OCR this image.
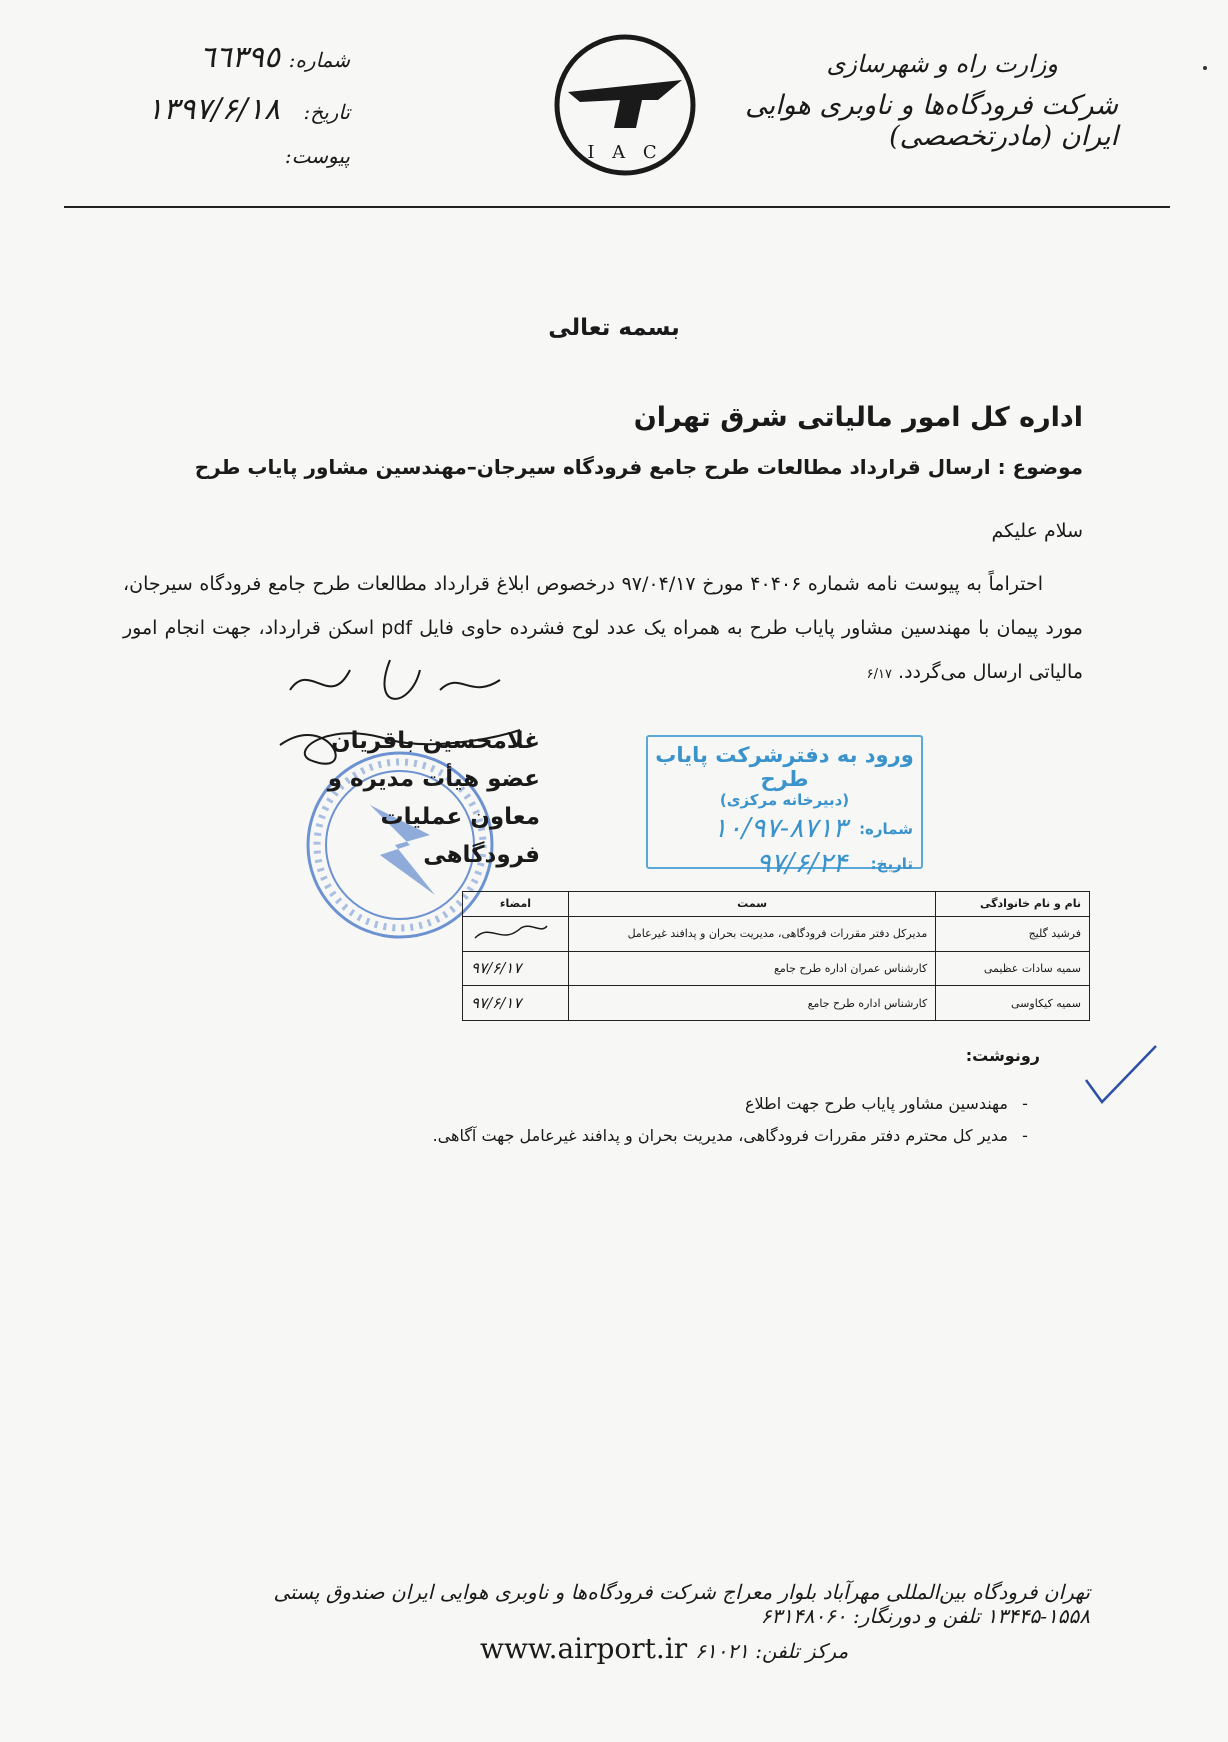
شماره:
٦٦٣٩٥
تاریخ:
۱۳۹۷/۶/۱۸
پیوست:	I A C
وزارت راه و شهرسازی
شرکت فرودگاه‌ها و ناوبری هوایی ایران (مادرتخصصی)
بسمه تعالی
اداره کل امور مالیاتی شرق تهران
موضوع : ارسال قرارداد مطالعات طرح جامع فرودگاه سیرجان–مهندسین مشاور پایاب طرح
سلام علیکم

احتراماً به پیوست نامه شماره ۴۰۴۰۶ مورخ ۹۷/۰۴/۱۷ درخصوص ابلاغ قرارداد مطالعات طرح جامع فرودگاه سیرجان، مورد پیمان با مهندسین مشاور پایاب طرح به همراه یک عدد لوح فشرده حاوی فایل pdf اسکن قرارداد، جهت انجام امور مالیاتی ارسال می‌گردد. ۶/۱۷

غلامحسین باقریان
عضو هیأت مدیره و
معاون عملیات فرودگاهی
ورود به دفترشرکت پایاب طرح
(دبیرخانه مرکزی)
شماره:
۱۰/۹۷-۸۷۱۳
تاریخ:
۹۷/۶/۲۴
نام و نام خانوادگی	سمت	امضاء
فرشید گلیج	مدیرکل دفتر مقررات فرودگاهی، مدیریت بحران و پدافند غیرعامل	
سمیه سادات عظیمی	کارشناس عمران اداره طرح جامع	۹۷/۶/۱۷
سمیه کیکاوسی	کارشناس اداره طرح جامع	۹۷/۶/۱۷
رونوشت:
-
مهندسین مشاور پایاب طرح جهت اطلاع
-
مدیر کل محترم دفتر مقررات فرودگاهی، مدیریت بحران و پدافند غیرعامل جهت آگاهی.
تهران فرودگاه بین‌المللی مهرآباد بلوار معراج شرکت فرودگاه‌ها و ناوبری هوایی ایران صندوق پستی ۱۵۵۸-۱۳۴۴۵ تلفن و دورنگار: ۶۳۱۴۸۰۶۰
مرکز تلفن: ۶۱۰۲۱
www.airport.ir
